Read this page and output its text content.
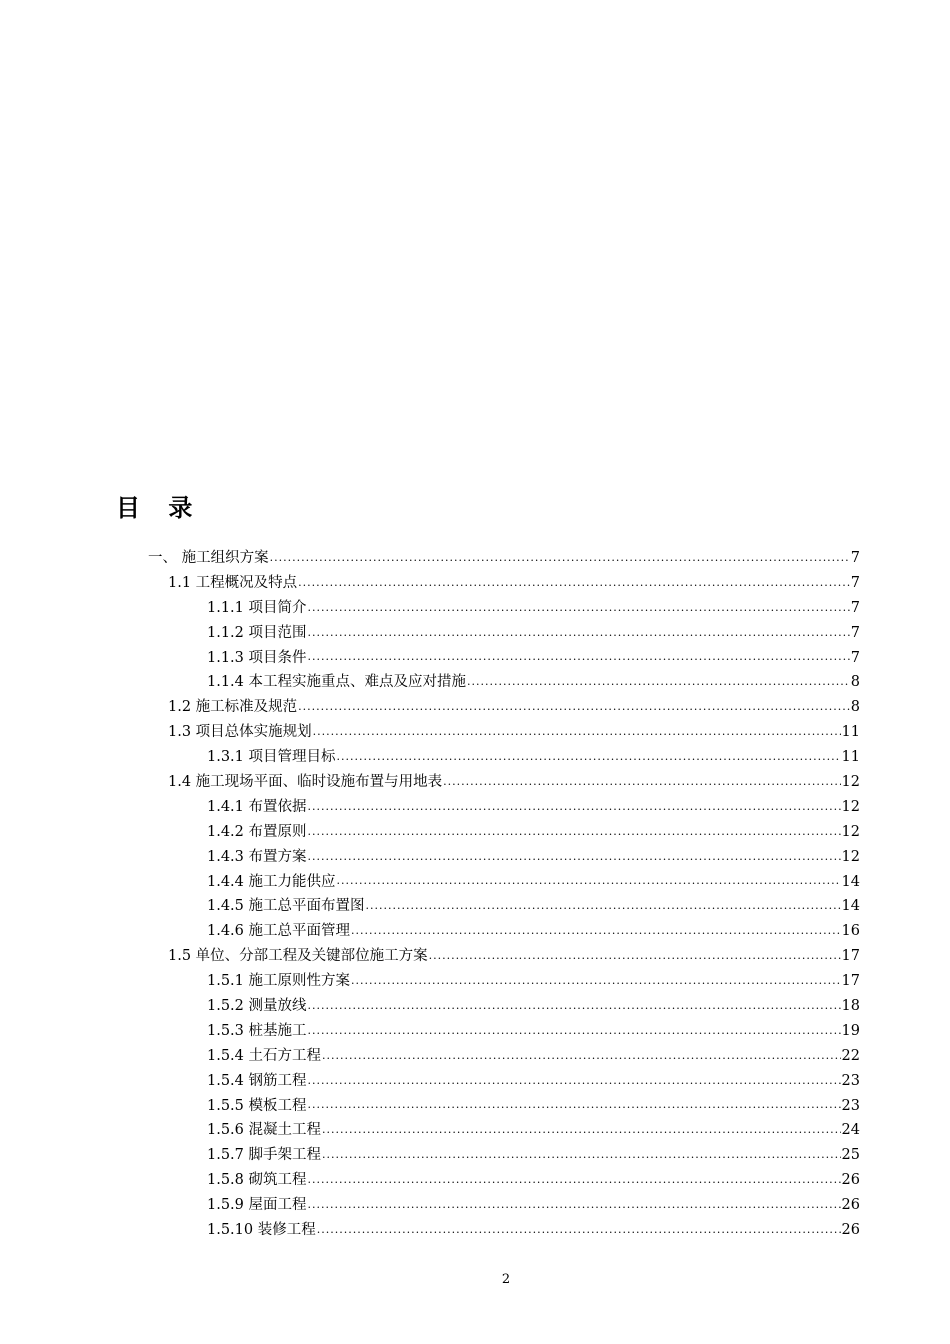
目 录
一、 施工组织方案 .....	7
1.1 工程概况及特点 .....	7
1.1.1 项目简介 .....	7
1.1.2 项目范围 .....	7
1.1.3 项目条件 .....	7
1.1.4 本工程实施重点、难点及应对措施 .....	8
1.2 施工标准及规范 .....	8
1.3 项目总体实施规划 .....	11
1.3.1 项目管理目标 .....	11
1.4 施工现场平面、临时设施布置与用地表 .....	12
1.4.1 布置依据 .....	12
1.4.2 布置原则 .....	12
1.4.3 布置方案 .....	12
1.4.4 施工力能供应 .....	14
1.4.5 施工总平面布置图 .....	14
1.4.6 施工总平面管理 .....	16
1.5 单位、分部工程及关键部位施工方案 .....	17
1.5.1 施工原则性方案 .....	17
1.5.2 测量放线 .....	18
1.5.3 桩基施工 .....	19
1.5.4 土石方工程 .....	22
1.5.4 钢筋工程 .....	23
1.5.5 模板工程 .....	23
1.5.6 混凝土工程 .....	24
1.5.7 脚手架工程 .....	25
1.5.8 砌筑工程 .....	26
1.5.9 屋面工程 .....	26
1.5.10 装修工程 .....	26
2
